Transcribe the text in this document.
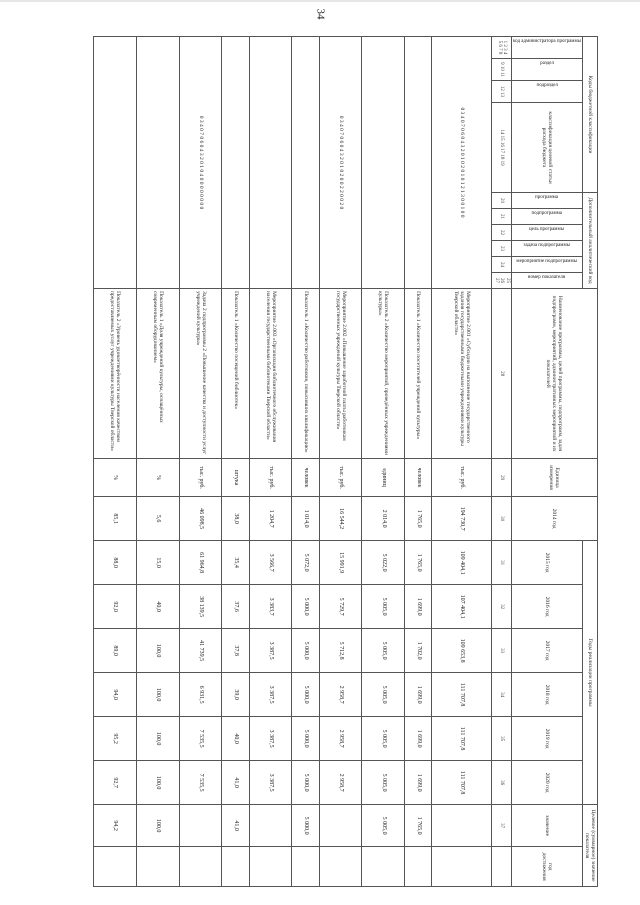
34
Коды бюджетной классификации				Дополнительный аналитический код						Наименование программы, целей программы, подпрограмм, задач подпрограмм, мероприятий, административных мероприятий и их показателей	Единица измерения	2014 год	Годы реализации программы						Целевое (суммарное) значение показателя	

код администратора программы	раздел	подраздел	классификация целевой статьи расхода бюджета	программа	подпрограмма	цель программы	задача подпрограммы	мероприятие подпрограммы	номер показателя				2015 год	2016 год	2017 год	2018 год	2019 год	2020 год	значение	год достижения
1 2 3 4 5 6 7 8	9 10 11	12 13	14 15 16 17 18 19	20	21	22	23	24	25 26 27	28	29	30	31	32	33	34	35	36	37	
0 3 4 0 7 0 6 0 4 3 2 0 1 0 2 0 1 0 1 2 1 3 0 0 1 0 0										Мероприятие 2.001 «Субсидии на выполнение государственного задания государственными бюджетными учреждениями культуры Тверской области»	тыс. руб.	194 730,7	109 404,1	107 404,1	109 653,8	111 707,8	111 707,8	111 707,8		
										Показатель 1 «Количество посетителей учреждений культуры»	человек	1 765,0	1 765,0	1 699,0	1 702,0	1 699,0	1 699,0	1 699,0	1 765,0	
										Показатель 2 «Количество мероприятий, проведённых учреждениями культуры»	единиц	2 014,0	5 022,0	5 005,0	5 005,0	5 005,0	5 005,0	5 005,0	5 005,0	
0 3 4 0 7 0 6 0 4 3 2 0 1 0 2 0 0 2 2 0 0 2 0										Мероприятие 2.002 «Повышение заработной платы работникам государственных учреждений культуры Тверской области»	тыс. руб.	16 544,2	15 991,9	5 729,7	5 712,8	2 958,7	2 958,7	2 958,7		
										Показатель 1 «Количество работников, повысивших квалификацию»	человек	1 014,0	5 072,0	5 000,0	5 000,0	5 000,0	5 000,0	5 000,0	5 000,0	
										Мероприятие 2.003 «Организация библиотечного обслуживания населения государственными библиотеками Тверской области»	тыс. руб.	1 204,7	3 566,7	3 383,7	3 387,5	3 387,5	3 387,5	3 387,5		
										Показатель 1 «Количество посещений библиотек»	штука	38,0	35,4	37,6	37,8	39,0	40,0	41,0	41,0	
0 3 4 0 7 0 6 0 4 3 2 0 1 0 4 0 0 0 0 0 0 0 0										Задача 2 подпрограммы 2 «Повышение качества и доступности услуг учреждений культуры»	тыс. руб.	46 098,5	61 964,8	38 139,5	41 739,5	6 931,5	7 535,5	7 535,5		
										Показатель 1 «Доля учреждений культуры, оснащённых современным оборудованием»	%	5,6	15,0	40,0	100,0	100,0	100,0	100,0	100,0	
										Показатель 2 «Уровень удовлетворённости населения качеством предоставляемых услуг учреждениями культуры Тверской области»	%	85,1	88,0	92,0	89,0	94,0	95,2	92,7	94,2	
